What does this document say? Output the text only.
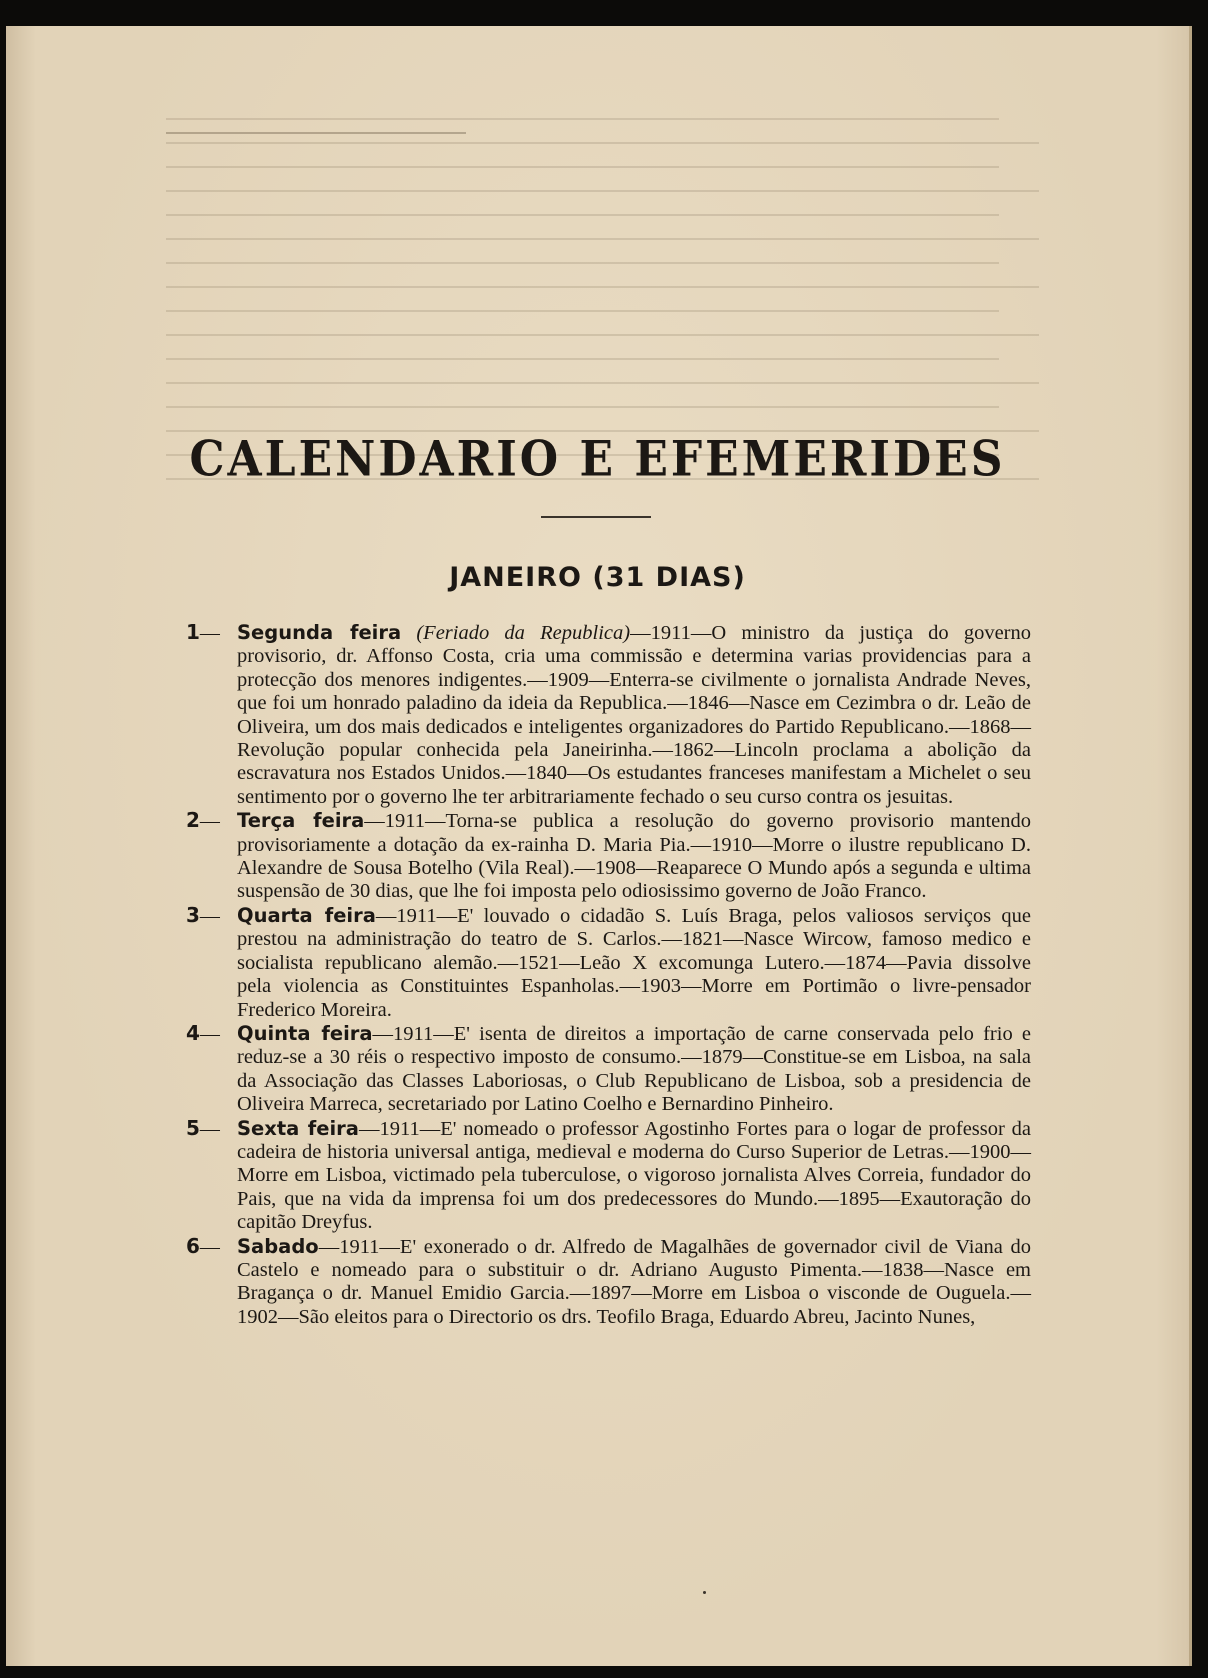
CALENDARIO E EFEMERIDES
JANEIRO (31 DIAS)

1— Segunda feira (Feriado da Republica)—1911—O ministro da justiça do governo provisorio, dr. Affonso Costa, cria uma commissão e determina varias providencias para a protecção dos menores indigentes.—1909—Enterra-se civilmente o jornalista Andrade Neves, que foi um honrado paladino da ideia da Republica.—1846—Nasce em Cezimbra o dr. Leão de Oliveira, um dos mais dedicados e inteligentes organizadores do Partido Republicano.—1868—Revolução popular conhecida pela Janeirinha.—1862—Lincoln proclama a abolição da escravatura nos Estados Unidos.—1840—Os estudantes franceses manifestam a Michelet o seu sentimento por o governo lhe ter arbitrariamente fechado o seu curso contra os jesuitas.

2— Terça feira—1911—Torna-se publica a resolução do governo provisorio mantendo provisoriamente a dotação da ex-rainha D. Maria Pia.—1910—Morre o ilustre republicano D. Alexandre de Sousa Botelho (Vila Real).—1908—Reaparece O Mundo após a segunda e ultima suspensão de 30 dias, que lhe foi imposta pelo odiosissimo governo de João Franco.

3— Quarta feira—1911—E' louvado o cidadão S. Luís Braga, pelos valiosos serviços que prestou na administração do teatro de S. Carlos.—1821—Nasce Wircow, famoso medico e socialista republicano alemão.—1521—Leão X excomunga Lutero.—1874—Pavia dissolve pela violencia as Constituintes Espanholas.—1903—Morre em Portimão o livre-pensador Frederico Moreira.

4— Quinta feira—1911—E' isenta de direitos a importação de carne conservada pelo frio e reduz-se a 30 réis o respectivo imposto de consumo.—1879—Constitue-se em Lisboa, na sala da Associação das Classes Laboriosas, o Club Republicano de Lisboa, sob a presidencia de Oliveira Marreca, secretariado por Latino Coelho e Bernardino Pinheiro.

5— Sexta feira—1911—E' nomeado o professor Agostinho Fortes para o logar de professor da cadeira de historia universal antiga, medieval e moderna do Curso Superior de Letras.—1900—Morre em Lisboa, victimado pela tuberculose, o vigoroso jornalista Alves Correia, fundador do Pais, que na vida da imprensa foi um dos predecessores do Mundo.—1895—Exautoração do capitão Dreyfus.

6— Sabado—1911—E' exonerado o dr. Alfredo de Magalhães de governador civil de Viana do Castelo e nomeado para o substituir o dr. Adriano Augusto Pimenta.—1838—Nasce em Bragança o dr. Manuel Emidio Garcia.—1897—Morre em Lisboa o visconde de Ouguela.—1902—São eleitos para o Directorio os drs. Teofilo Braga, Eduardo Abreu, Jacinto Nunes,
